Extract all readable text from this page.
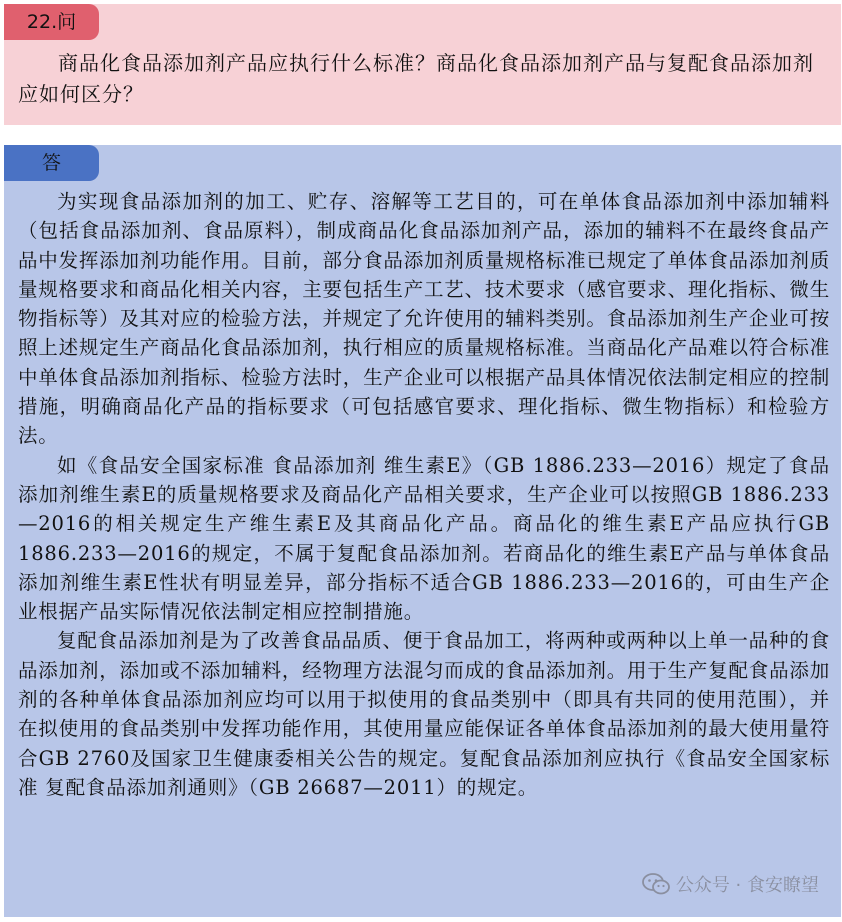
22.问

商品化食品添加剂产品应执行什么标准？商品化食品添加剂产品与复配食品添加剂应如何区分？

答

为实现食品添加剂的加工、贮存、溶解等工艺目的，可在单体食品添加剂中添加辅料（包括食品添加剂、食品原料），制成商品化食品添加剂产品，添加的辅料不在最终食品产品中发挥添加剂功能作用。目前，部分食品添加剂质量规格标准已规定了单体食品添加剂质量规格要求和商品化相关内容，主要包括生产工艺、技术要求（感官要求、理化指标、微生物指标等）及其对应的检验方法，并规定了允许使用的辅料类别。食品添加剂生产企业可按照上述规定生产商品化食品添加剂，执行相应的质量规格标准。当商品化产品难以符合标准中单体食品添加剂指标、检验方法时，生产企业可以根据产品具体情况依法制定相应的控制措施，明确商品化产品的指标要求（可包括感官要求、理化指标、微生物指标）和检验方法。

如《食品安全国家标准 食品添加剂 维生素E》（GB 1886.233—2016）规定了食品添加剂维生素E的质量规格要求及商品化产品相关要求，生产企业可以按照GB 1886.233—2016的相关规定生产维生素E及其商品化产品。商品化的维生素E产品应执行GB 1886.233—2016的规定，不属于复配食品添加剂。若商品化的维生素E产品与单体食品添加剂维生素E性状有明显差异，部分指标不适合GB 1886.233—2016的，可由生产企业根据产品实际情况依法制定相应控制措施。

复配食品添加剂是为了改善食品品质、便于食品加工，将两种或两种以上单一品种的食品添加剂，添加或不添加辅料，经物理方法混匀而成的食品添加剂。用于生产复配食品添加剂的各种单体食品添加剂应均可以用于拟使用的食品类别中（即具有共同的使用范围），并在拟使用的食品类别中发挥功能作用，其使用量应能保证各单体食品添加剂的最大使用量符合GB 2760及国家卫生健康委相关公告的规定。复配食品添加剂应执行《食品安全国家标准 复配食品添加剂通则》（GB 26687—2011）的规定。

公众号 · 食安瞭望
